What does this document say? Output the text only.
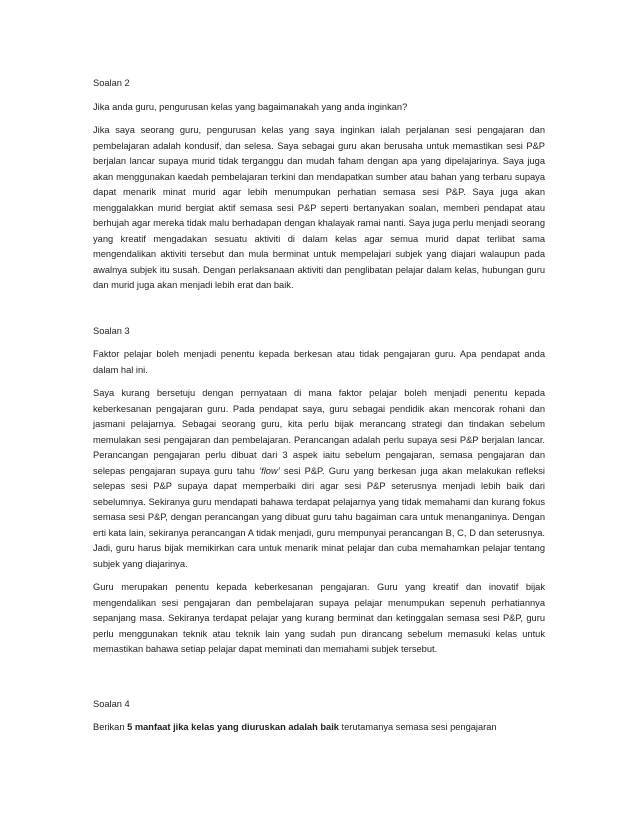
Soalan 2

Jika anda guru, pengurusan kelas yang bagaimanakah yang anda inginkan?

Jika saya seorang guru, pengurusan kelas yang saya inginkan ialah perjalanan sesi pengajaran dan pembelajaran adalah kondusif, dan selesa. Saya sebagai guru akan berusaha untuk memastikan sesi P&P berjalan lancar supaya murid tidak terganggu dan mudah faham dengan apa yang dipelajarinya. Saya juga akan menggunakan kaedah pembelajaran terkini dan mendapatkan sumber atau bahan yang terbaru supaya dapat menarik minat murid agar lebih menumpukan perhatian semasa sesi P&P. Saya juga akan menggalakkan murid bergiat aktif semasa sesi P&P seperti bertanyakan soalan, memberi pendapat atau berhujah agar mereka tidak malu berhadapan dengan khalayak ramai nanti. Saya juga perlu menjadi seorang yang kreatif mengadakan sesuatu aktiviti di dalam kelas agar semua murid dapat terlibat sama mengendalikan aktiviti tersebut dan mula berminat untuk mempelajari subjek yang diajari walaupun pada awalnya subjek itu susah. Dengan perlaksanaan aktiviti dan penglibatan pelajar dalam kelas, hubungan guru dan murid juga akan menjadi lebih erat dan baik.

Soalan 3

Faktor pelajar boleh menjadi penentu kepada berkesan atau tidak pengajaran guru. Apa pendapat anda dalam hal ini.

Saya kurang bersetuju dengan pernyataan di mana faktor pelajar boleh menjadi penentu kepada keberkesanan pengajaran guru. Pada pendapat saya, guru sebagai pendidik akan mencorak rohani dan jasmani pelajarnya. Sebagai seorang guru, kita perlu bijak merancang strategi dan tindakan sebelum memulakan sesi pengajaran dan pembelajaran. Perancangan adalah perlu supaya sesi P&P berjalan lancar. Perancangan pengajaran perlu dibuat dari 3 aspek iaitu sebelum pengajaran, semasa pengajaran dan selepas pengajaran supaya guru tahu ‘flow’ sesi P&P. Guru yang berkesan juga akan melakukan refleksi selepas sesi P&P supaya dapat memperbaiki diri agar sesi P&P seterusnya menjadi lebih baik dari sebelumnya. Sekiranya guru mendapati bahawa terdapat pelajarnya yang tidak memahami dan kurang fokus semasa sesi P&P, dengan perancangan yang dibuat guru tahu bagaiman cara untuk menanganinya. Dengan erti kata lain, sekiranya perancangan A tidak menjadi, guru mempunyai perancangan B, C, D dan seterusnya. Jadi, guru harus bijak memikirkan cara untuk menarik minat pelajar dan cuba memahamkan pelajar tentang subjek yang diajarinya.

Guru merupakan penentu kepada keberkesanan pengajaran. Guru yang kreatif dan inovatif bijak mengendalikan sesi pengajaran dan pembelajaran supaya pelajar menumpukan sepenuh perhatiannya sepanjang masa. Sekiranya terdapat pelajar yang kurang berminat dan ketinggalan semasa sesi P&P, guru perlu menggunakan teknik atau teknik lain yang sudah pun dirancang sebelum memasuki kelas untuk memastikan bahawa setiap pelajar dapat meminati dan memahami subjek tersebut.

Soalan 4

Berikan 5 manfaat jika kelas yang diuruskan adalah baik terutamanya semasa sesi pengajaran
